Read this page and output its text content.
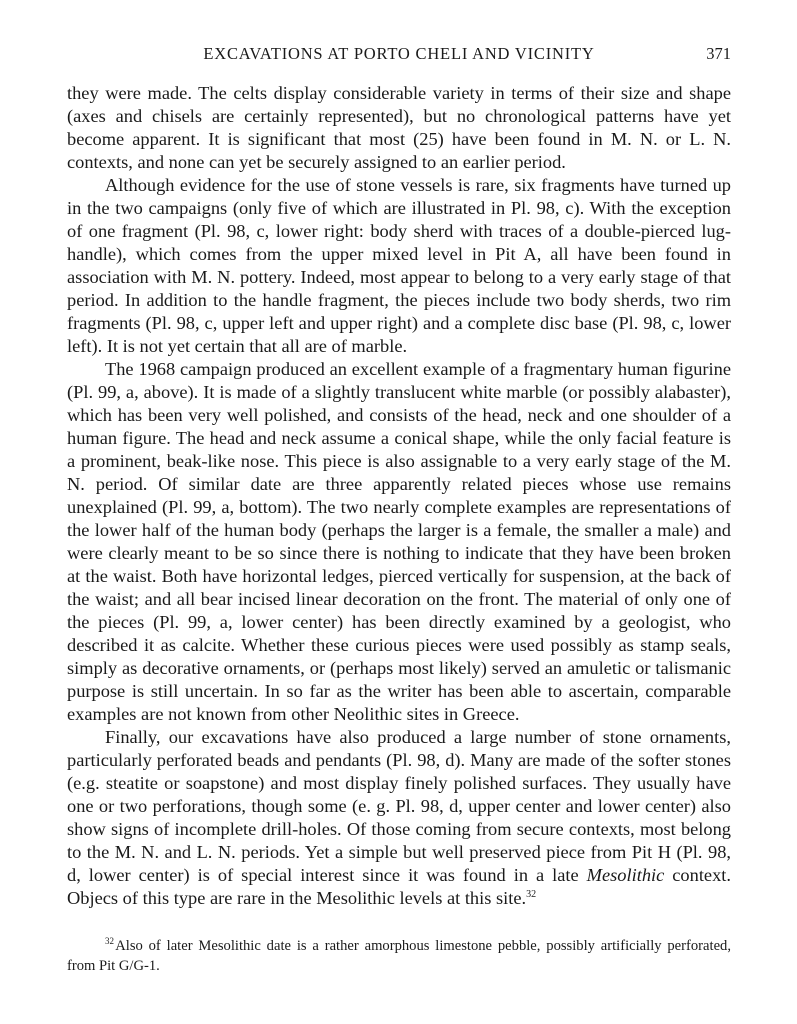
EXCAVATIONS AT PORTO CHELI AND VICINITY	371

they were made. The celts display considerable variety in terms of their size and shape (axes and chisels are certainly represented), but no chronological patterns have yet become apparent. It is significant that most (25) have been found in M. N. or L. N. contexts, and none can yet be securely assigned to an earlier period.

Although evidence for the use of stone vessels is rare, six fragments have turned up in the two campaigns (only five of which are illustrated in Pl. 98, c). With the exception of one fragment (Pl. 98, c, lower right: body sherd with traces of a double-pierced lug-handle), which comes from the upper mixed level in Pit A, all have been found in association with M. N. pottery. Indeed, most appear to belong to a very early stage of that period. In addition to the handle fragment, the pieces include two body sherds, two rim fragments (Pl. 98, c, upper left and upper right) and a complete disc base (Pl. 98, c, lower left). It is not yet certain that all are of marble.

The 1968 campaign produced an excellent example of a fragmentary human figurine (Pl. 99, a, above). It is made of a slightly translucent white marble (or possibly alabaster), which has been very well polished, and consists of the head, neck and one shoulder of a human figure. The head and neck assume a conical shape, while the only facial feature is a prominent, beak-like nose. This piece is also assignable to a very early stage of the M. N. period. Of similar date are three apparently related pieces whose use remains unexplained (Pl. 99, a, bottom). The two nearly complete examples are representations of the lower half of the human body (perhaps the larger is a female, the smaller a male) and were clearly meant to be so since there is nothing to indicate that they have been broken at the waist. Both have horizontal ledges, pierced vertically for suspension, at the back of the waist; and all bear incised linear decoration on the front. The material of only one of the pieces (Pl. 99, a, lower center) has been directly examined by a geologist, who described it as calcite. Whether these curious pieces were used possibly as stamp seals, simply as decorative ornaments, or (perhaps most likely) served an amuletic or talismanic purpose is still uncertain. In so far as the writer has been able to ascertain, comparable examples are not known from other Neolithic sites in Greece.

Finally, our excavations have also produced a large number of stone ornaments, particularly perforated beads and pendants (Pl. 98, d). Many are made of the softer stones (e.g. steatite or soapstone) and most display finely polished surfaces. They usually have one or two perforations, though some (e. g. Pl. 98, d, upper center and lower center) also show signs of incomplete drill-holes. Of those coming from secure contexts, most belong to the M. N. and L. N. periods. Yet a simple but well preserved piece from Pit H (Pl. 98, d, lower center) is of special interest since it was found in a late Mesolithic context. Objecs of this type are rare in the Mesolithic levels at this site.$^{32}$

$^{32}$ Also of later Mesolithic date is a rather amorphous limestone pebble, possibly artificially perforated, from Pit G/G-1.
